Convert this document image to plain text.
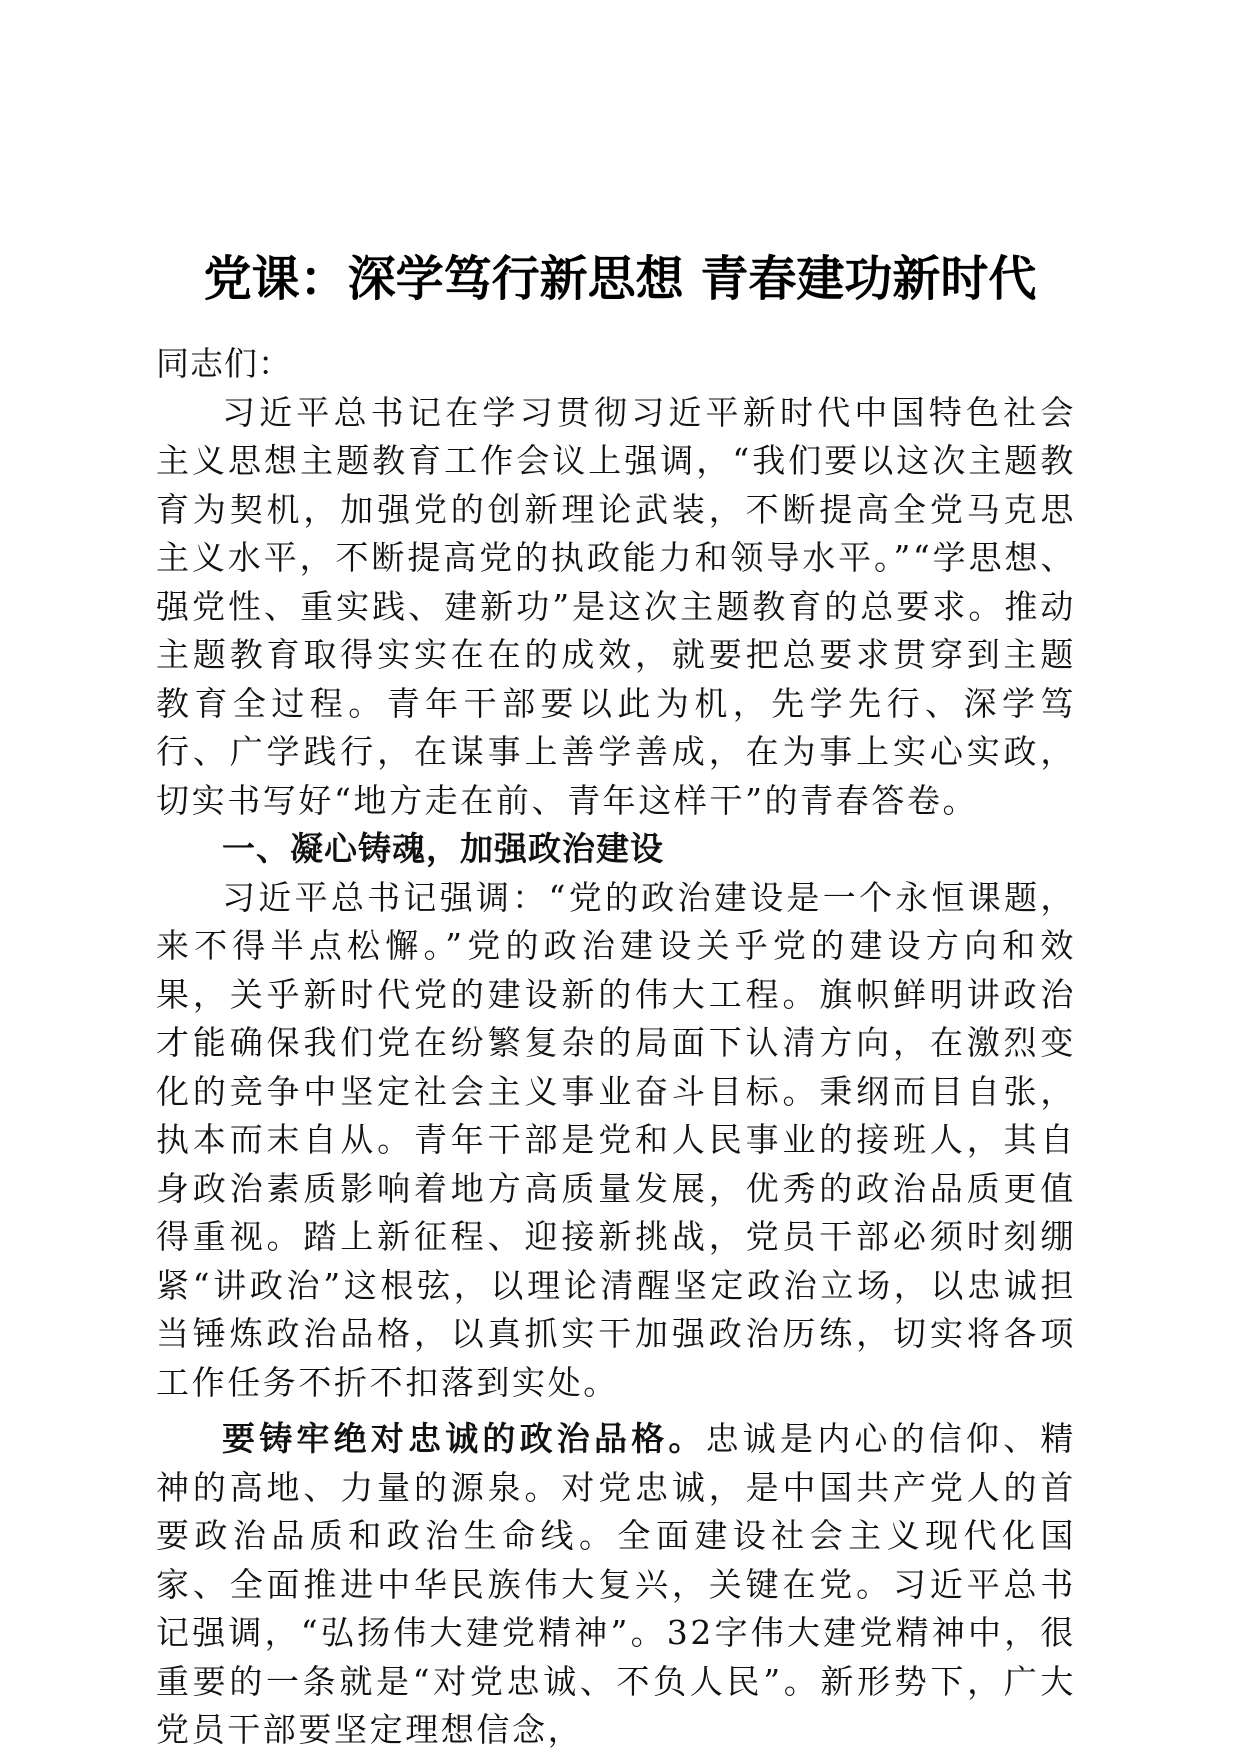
党课：深学笃行新思想 青春建功新时代

同志们：

习近平总书记在学习贯彻习近平新时代中国特色社会主义思想主题教育工作会议上强调，“我们要以这次主题教育为契机，加强党的创新理论武装，不断提高全党马克思主义水平，不断提高党的执政能力和领导水平。”“学思想、强党性、重实践、建新功”是这次主题教育的总要求。推动主题教育取得实实在在的成效，就要把总要求贯穿到主题教育全过程。青年干部要以此为机，先学先行、深学笃行、广学践行，在谋事上善学善成，在为事上实心实政，切实书写好“地方走在前、青年这样干”的青春答卷。

一、凝心铸魂，加强政治建设

习近平总书记强调：“党的政治建设是一个永恒课题，来不得半点松懈。”党的政治建设关乎党的建设方向和效果，关乎新时代党的建设新的伟大工程。旗帜鲜明讲政治才能确保我们党在纷繁复杂的局面下认清方向，在激烈变化的竞争中坚定社会主义事业奋斗目标。秉纲而目自张，执本而末自从。青年干部是党和人民事业的接班人，其自身政治素质影响着地方高质量发展，优秀的政治品质更值得重视。踏上新征程、迎接新挑战，党员干部必须时刻绷紧“讲政治”这根弦，以理论清醒坚定政治立场，以忠诚担当锤炼政治品格，以真抓实干加强政治历练，切实将各项工作任务不折不扣落到实处。

要铸牢绝对忠诚的政治品格。忠诚是内心的信仰、精神的高地、力量的源泉。对党忠诚，是中国共产党人的首要政治品质和政治生命线。全面建设社会主义现代化国家、全面推进中华民族伟大复兴，关键在党。习近平总书记强调，“弘扬伟大建党精神”。32字伟大建党精神中，很重要的一条就是“对党忠诚、不负人民”。新形势下，广大党员干部要坚定理想信念，
